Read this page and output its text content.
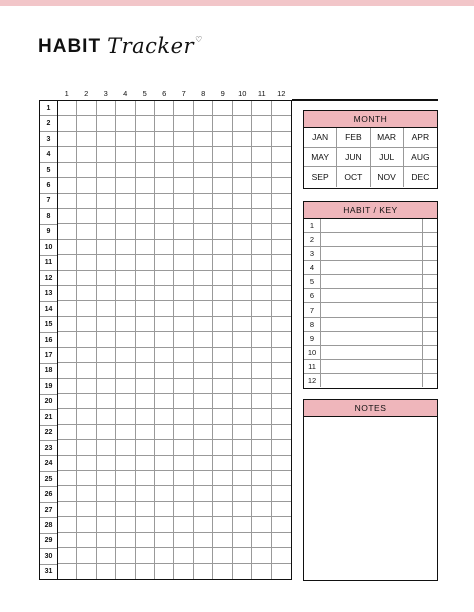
HABIT Tracker ♡
1	2	3	4	5	6	7	8	9	10	11	12
1
2
3
4
5
6
7
8
9
10
11
12
13
14
15
16
17
18
19
20
21
22
23
24
25
26
27
28
29
30
31
MONTH
JAN	FEB	MAR	APR
MAY	JUN	JUL	AUG
SEP	OCT	NOV	DEC
HABIT / KEY
1
2
3
4
5
6
7
8
9
10
11
12
NOTES
